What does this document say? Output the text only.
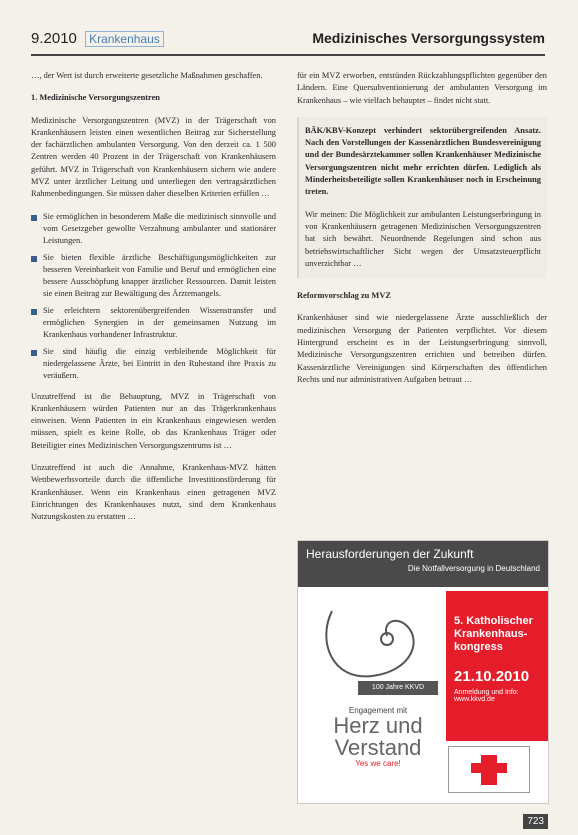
9.2010 Krankenhaus	Medizinisches Versorgungssystem

…, der Wert ist durch erweiterte gesetzliche Maßnahmen geschaffen.

1. Medizinische Versorgungszentren

Medizinische Versorgungszentren (MVZ) in der Trägerschaft von Krankenhäusern leisten einen wesentlichen Beitrag zur Sicherstellung der fachärztlichen ambulanten Versorgung. Von den derzeit ca. 1 500 Zentren werden 40 Prozent in der Trägerschaft von Krankenhäusern geführt. MVZ in Trägerschaft von Krankenhäusern sichern wie andere MVZ unter ärztlicher Leitung und unterliegen den vertragsärztlichen Rahmenbedingungen. Sie müssen daher dieselben Kriterien erfüllen …

Sie ermöglichen in besonderem Maße die medizinisch sinnvolle und vom Gesetzgeber gewollte Verzahnung ambulanter und stationärer Leistungen.
Sie bieten flexible ärztliche Beschäftigungsmöglichkeiten zur besseren Vereinbarkeit von Familie und Beruf und ermöglichen eine bessere Ausschöpfung knapper ärztlicher Ressourcen. Damit leisten sie einen Beitrag zur Bewältigung des Ärztemangels.
Sie erleichtern sektorenübergreifenden Wissenstransfer und ermöglichen Synergien in der gemeinsamen Nutzung im Krankenhaus vorhandener Infrastruktur.
Sie sind häufig die einzig verbleibende Möglichkeit für niedergelassene Ärzte, bei Eintritt in den Ruhestand ihre Praxis zu veräußern.

Unzutreffend ist die Behauptung, MVZ in Trägerschaft von Krankenhäusern würden Patienten nur an das Trägerkrankenhaus einweisen. Wenn Patienten in ein Krankenhaus eingewiesen werden müssen, spielt es keine Rolle, ob das Krankenhaus Träger oder Beteiligter eines Medizinischen Versorgungszentrums ist …

Unzutreffend ist auch die Annahme, Krankenhaus-MVZ hätten Wettbewerbsvorteile durch die öffentliche Investitionsförderung für Krankenhäuser. Wenn ein Krankenhaus einen getragenen MVZ Einrichtungen des Krankenhauses nutzt, sind dem Krankenhaus Nutzungskosten zu erstatten …

für ein MVZ erworben, entstünden Rückzahlungspflichten gegenüber den Ländern. Eine Quersubventionierung der ambulanten Versorgung im Krankenhaus – wie vielfach behauptet – findet nicht statt.

BÄK/KBV-Konzept verhindert sektorübergreifenden Ansatz. Nach den Vorstellungen der Kassenärztlichen Bundesvereinigung und der Bundesärztekammer sollen Krankenhäuser Medizinische Versorgungszentren nicht mehr errichten dürfen. Lediglich als Minderheitsbeteiligte sollen Krankenhäuser noch in Erscheinung treten.

Wir meinen: Die Möglichkeit zur ambulanten Leistungserbringung in von Krankenhäusern getragenen Medizinischen Versorgungszentren hat sich bewährt. Neuordnende Regelungen sind schon aus betriebswirtschaftlicher Sicht wegen der Umsatzsteuerpflicht unverzichtbar …

Reformvorschlag zu MVZ

Krankenhäuser sind wie niedergelassene Ärzte ausschließlich der medizinischen Versorgung der Patienten verpflichtet. Vor diesem Hintergrund erscheint es in der Leistungserbringung sinnvoll, Medizinische Versorgungszentren errichten und betreiben dürfen. Kassenärztliche Vereinigungen sind Körperschaften des öffentlichen Rechts und nur administrativen Aufgaben betraut …

Herausforderungen der Zukunft
Die Notfallversorgung in Deutschland
100 Jahre KKVD
5. Katholischer Krankenhaus-kongress
21.10.2010
Anmeldung und Info: www.kkvd.de
Engagement mit
Herz und Verstand
Yes we care!
723
